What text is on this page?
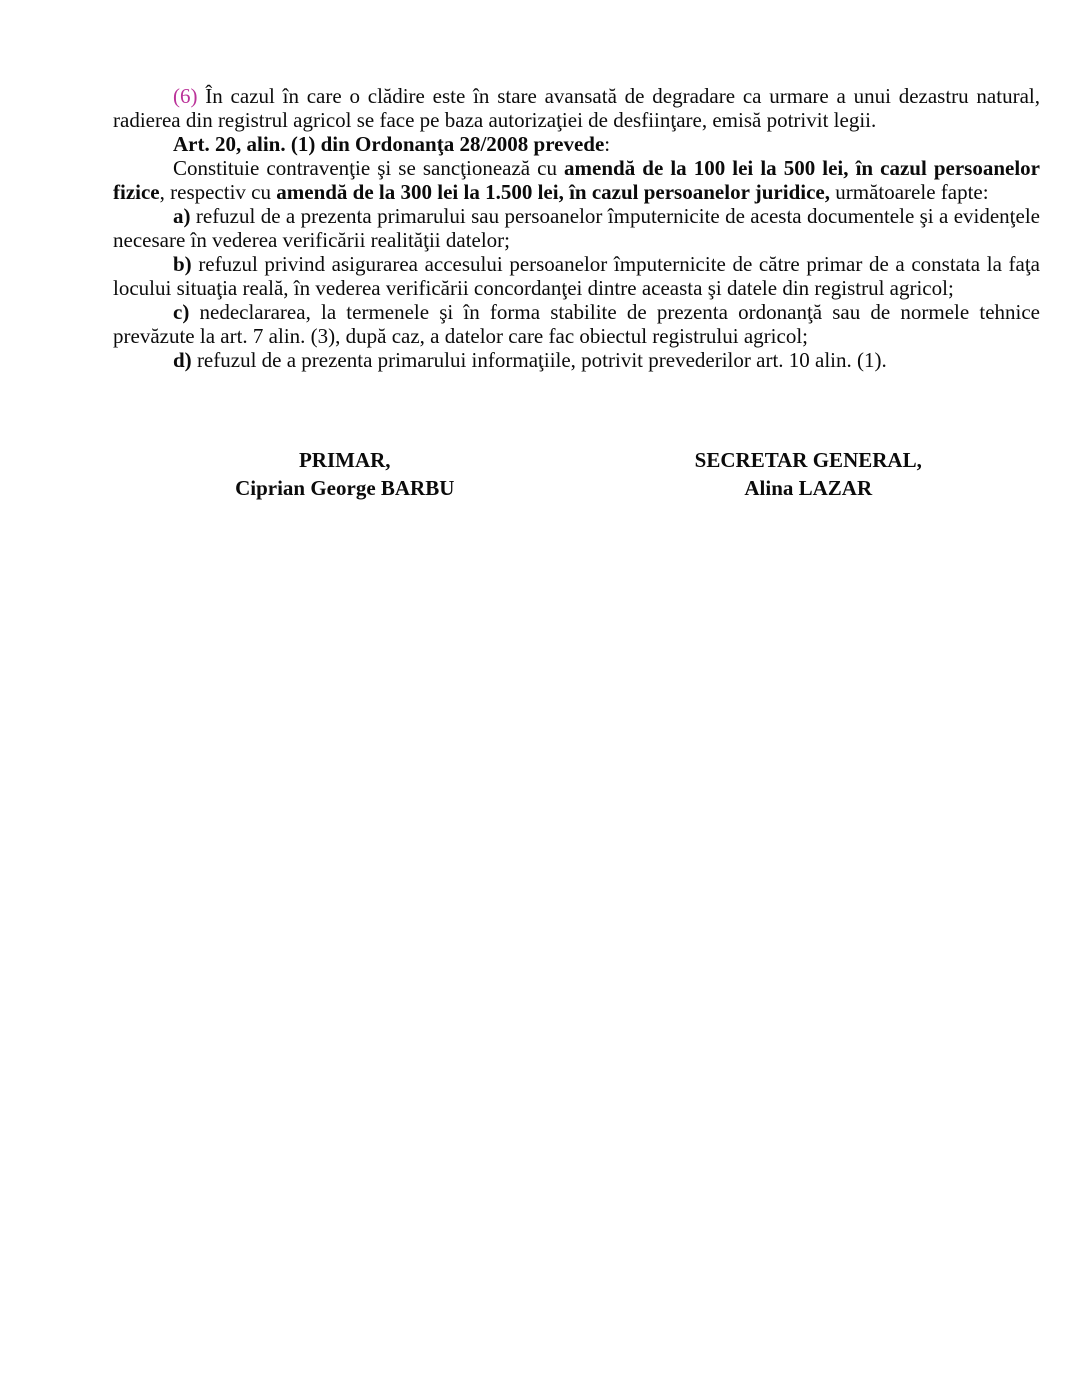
(6) În cazul în care o clădire este în stare avansată de degradare ca urmare a unui dezastru natural, radierea din registrul agricol se face pe baza autorizaţiei de desfiinţare, emisă potrivit legii.

Art. 20, alin. (1) din Ordonanţa 28/2008 prevede:

Constituie contravenţie şi se sancţionează cu amendă de la 100 lei la 500 lei, în cazul persoanelor fizice, respectiv cu amendă de la 300 lei la 1.500 lei, în cazul persoanelor juridice, următoarele fapte:

a) refuzul de a prezenta primarului sau persoanelor împuternicite de acesta documentele şi a evidenţele necesare în vederea verificării realităţii datelor;

b) refuzul privind asigurarea accesului persoanelor împuternicite de către primar de a constata la faţa locului situaţia reală, în vederea verificării concordanţei dintre aceasta şi datele din registrul agricol;

c) nedeclararea, la termenele şi în forma stabilite de prezenta ordonanţă sau de normele tehnice prevăzute la art. 7 alin. (3), după caz, a datelor care fac obiectul registrului agricol;

d) refuzul de a prezenta primarului informaţiile, potrivit prevederilor art. 10 alin. (1).

PRIMAR,
Ciprian George BARBU
SECRETAR GENERAL,
Alina LAZAR
